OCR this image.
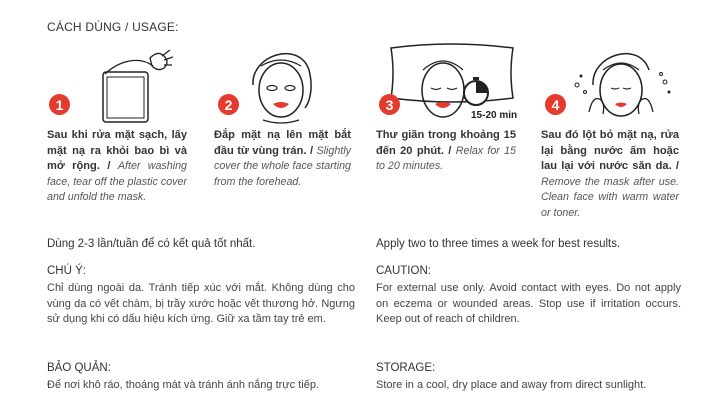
CÁCH DÙNG / USAGE:
15-20 min
1	2	3	4
Sau khi rửa mặt sạch, lấy mặt nạ ra khỏi bao bì và mở rộng. / After washing face, tear off the plastic cover and unfold the mask.
Đắp mặt nạ lên mặt bắt đầu từ vùng trán. / Slightly cover the whole face starting from the forehead.
Thư giãn trong khoảng 15 đến 20 phút. / Relax for 15 to 20 minutes.
Sau đó lột bỏ mặt nạ, rửa lại bằng nước ấm hoặc lau lại với nước săn da. / Remove the mask after use. Clean face with warm water or toner.
Dùng 2-3 lần/tuần để có kết quả tốt nhất.	Apply two to three times a week for best results.
CHÚ Ý:
Chỉ dùng ngoài da. Tránh tiếp xúc với mắt. Không dùng cho vùng da có vết chàm, bị trầy xước hoặc vết thương hở. Ngưng sử dụng khi có dấu hiệu kích ứng. Giữ xa tầm tay trẻ em.
CAUTION:
For external use only. Avoid contact with eyes. Do not apply on eczema or wounded areas. Stop use if irritation occurs. Keep out of reach of children.
BẢO QUẢN:
Để nơi khô ráo, thoáng mát và tránh ánh nắng trực tiếp.
STORAGE:
Store in a cool, dry place and away from direct sunlight.
